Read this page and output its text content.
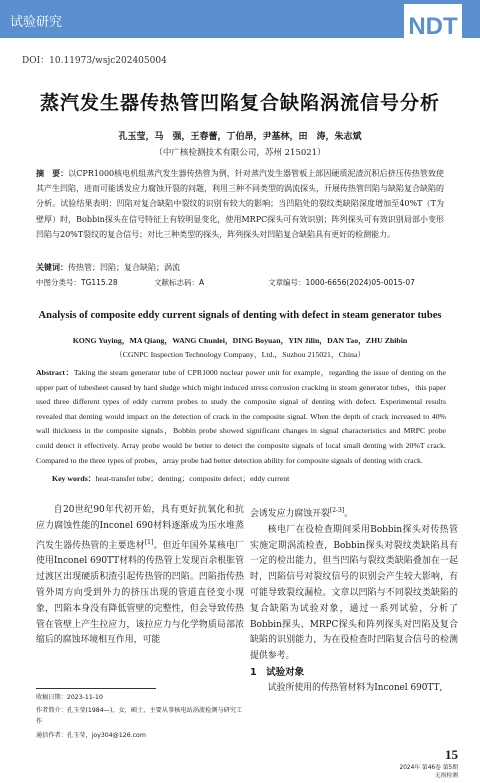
试验研究	NDT
DOI：10.11973/wsjc202405004
蒸汽发生器传热管凹陷复合缺陷涡流信号分析
孔玉莹，马　强，王春蕾，丁伯昂，尹基林，田　涛，朱志斌
（中广核检测技术有限公司，苏州 215021）
摘　要：以CPR1000核电机组蒸汽发生器传热管为例，针对蒸汽发生器管板上部因硬质泥渣沉积后挤压传热管致使其产生凹陷，进而可能诱发应力腐蚀开裂的问题，利用三种不同类型的涡流探头，开展传热管凹陷与缺陷复合缺陷的分析。试验结果表明：凹陷对复合缺陷中裂纹的识别有较大的影响；当凹陷处的裂纹类缺陷深度增加至40%T（T为壁厚）时，Bobbin探头在信号特征上有较明显变化，使用MRPC探头可有效识别；阵列探头可有效识别局部小变形凹陷与20%T裂纹的复合信号；对比三种类型的探头，阵列探头对凹陷复合缺陷具有更好的检测能力。
关键词：传热管；凹陷；复合缺陷；涡流
中图分类号：TG115.28	文献标志码：A	文章编号：1000-6656(2024)05-0015-07
Analysis of composite eddy current signals of denting with defect in steam generator tubes
KONG Yuying，MA Qiang，WANG Chunlei，DING Boyuan，YIN Jilin，DAN Tao，ZHU Zhibin
（CGNPC Inspection Technology Company，Ltd.，Suzhou 215021，China）
Abstract：Taking the steam generator tube of CPR1000 nuclear power unit for example，regarding the issue of denting on the upper part of tubesheet caused by hard sludge which might induced stress corrosion cracking in steam generator tubes，this paper used three different types of eddy current probes to study the composite signal of denting with defect. Experimental results revealed that denting would impact on the detection of crack in the composite signal. When the depth of crack increased to 40% wall thickness in the composite signals，Bobbin probe showed significant changes in signal characteristics and MRPC probe could detect it effectively. Array probe would be better to detect the composite signals of local small denting with 20%T crack. Compared to the three types of probes，array probe had better detection ability for composite signals of denting with crack.
Key words：heat-transfer tube；denting；composite defect；eddy current

自20世纪90年代初开始，具有更好抗氧化和抗应力腐蚀性能的Inconel 690材料逐渐成为压水堆蒸汽发生器传热管的主要选材[1]。但近年国外某核电厂使用Inconel 690TT材料的传热管上发现百余根胀管过渡区出现硬质积渣引起传热管的凹陷。凹陷指传热管外周方向受到外力的挤压出现的管道直径变小现象，凹陷本身没有降低管壁的完整性，但会导致传热管在管壁上产生拉应力，该拉应力与化学物质局部浓缩后的腐蚀环境相互作用，可能

会诱发应力腐蚀开裂[2-3]。

核电厂在役检查期间采用Bobbin探头对传热管实施定期涡流检查，Bobbin探头对裂纹类缺陷具有一定的检出能力，但当凹陷与裂纹类缺陷叠加在一起时，凹陷信号对裂纹信号的识别会产生较大影响，有可能导致裂纹漏检。文章以凹陷与不同裂纹类缺陷的复合缺陷为试验对象，通过一系列试验，分析了Bobbin探头、MRPC探头和阵列探头对凹陷及复合缺陷的识别能力，为在役检查时凹陷复合信号的检测提供参考。

1　试验对象

试验所使用的传热管材料为Inconel 690TT，

收稿日期：2023-11-10
作者简介：孔玉莹(1984—)，女，硕士，主要从事核电站涡流检测与研究工作
通信作者：孔玉莹，joy304@126.com
15
2024年 第46卷 第5期
无损检测
